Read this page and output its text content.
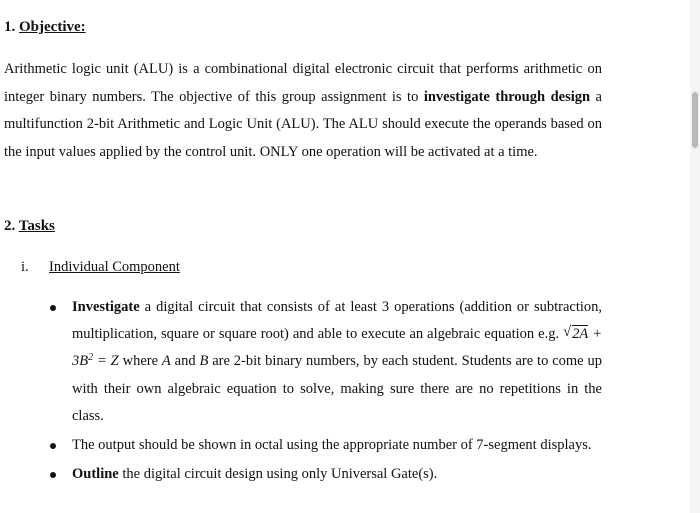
1. Objective:
Arithmetic logic unit (ALU) is a combinational digital electronic circuit that performs arithmetic on integer binary numbers. The objective of this group assignment is to investigate through design a multifunction 2-bit Arithmetic and Logic Unit (ALU). The ALU should execute the operands based on the input values applied by the control unit. ONLY one operation will be activated at a time.
2. Tasks
i. Individual Component
Investigate a digital circuit that consists of at least 3 operations (addition or subtraction, multiplication, square or square root) and able to execute an algebraic equation e.g. √ $2A + 3B^2 = Z$ where A and B are 2-bit binary numbers, by each student. Students are to come up with their own algebraic equation to solve, making sure there are no repetitions in the class.
The output should be shown in octal using the appropriate number of 7-segment displays.
Outline the digital circuit design using only Universal Gate(s).
